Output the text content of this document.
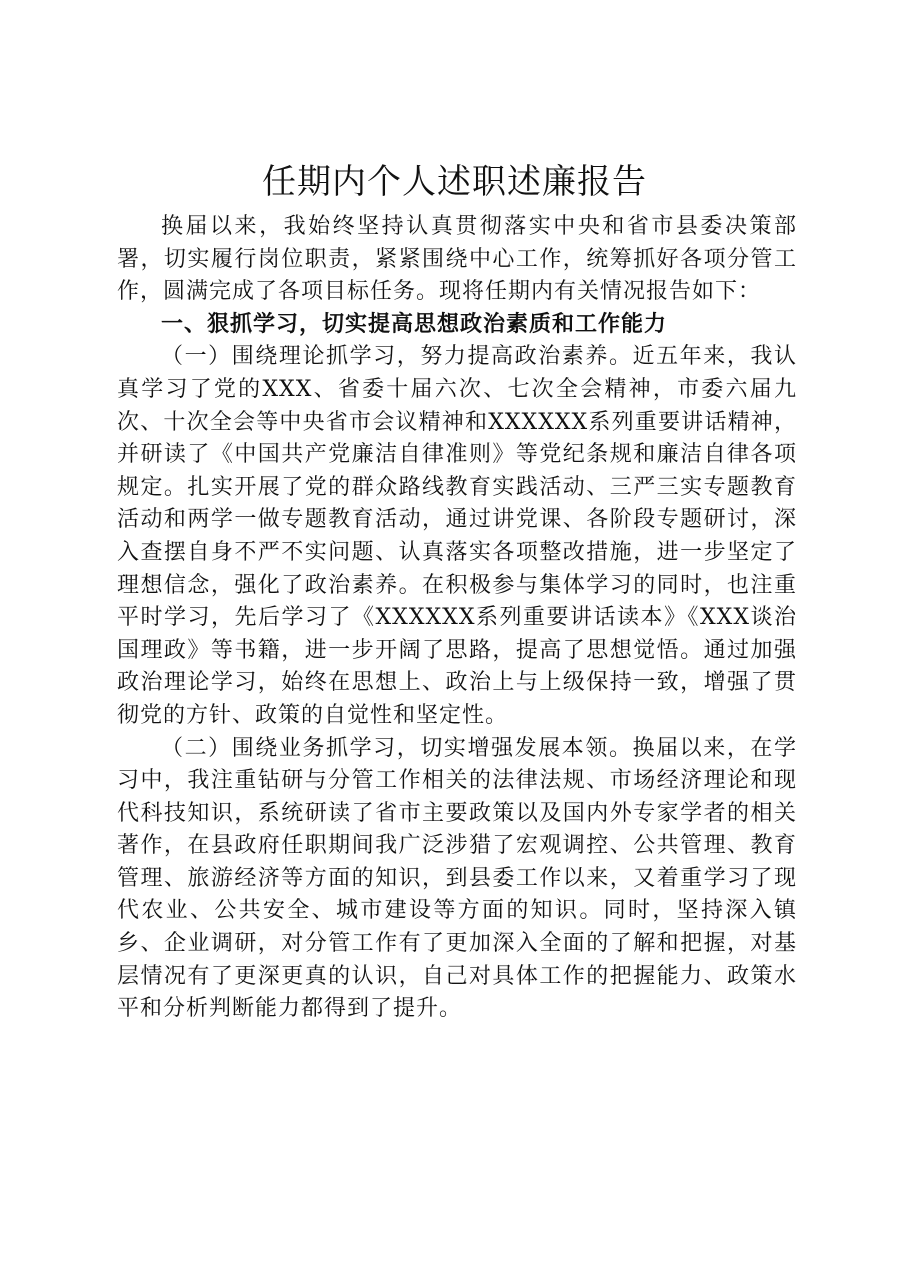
任期内个人述职述廉报告

换届以来，我始终坚持认真贯彻落实中央和省市县委决策部署，切实履行岗位职责，紧紧围绕中心工作，统筹抓好各项分管工作，圆满完成了各项目标任务。现将任期内有关情况报告如下：

一、狠抓学习，切实提高思想政治素质和工作能力

（一）围绕理论抓学习，努力提高政治素养。近五年来，我认真学习了党的XXX、省委十届六次、七次全会精神，市委六届九次、十次全会等中央省市会议精神和XXXXXX系列重要讲话精神，并研读了《中国共产党廉洁自律准则》等党纪条规和廉洁自律各项规定。扎实开展了党的群众路线教育实践活动、三严三实专题教育活动和两学一做专题教育活动，通过讲党课、各阶段专题研讨，深入查摆自身不严不实问题、认真落实各项整改措施，进一步坚定了理想信念，强化了政治素养。在积极参与集体学习的同时，也注重平时学习，先后学习了《XXXXXX系列重要讲话读本》《XXX谈治国理政》等书籍，进一步开阔了思路，提高了思想觉悟。通过加强政治理论学习，始终在思想上、政治上与上级保持一致，增强了贯彻党的方针、政策的自觉性和坚定性。

（二）围绕业务抓学习，切实增强发展本领。换届以来，在学习中，我注重钻研与分管工作相关的法律法规、市场经济理论和现代科技知识，系统研读了省市主要政策以及国内外专家学者的相关著作，在县政府任职期间我广泛涉猎了宏观调控、公共管理、教育管理、旅游经济等方面的知识，到县委工作以来，又着重学习了现代农业、公共安全、城市建设等方面的知识。同时，坚持深入镇乡、企业调研，对分管工作有了更加深入全面的了解和把握，对基层情况有了更深更真的认识，自己对具体工作的把握能力、政策水平和分析判断能力都得到了提升。
